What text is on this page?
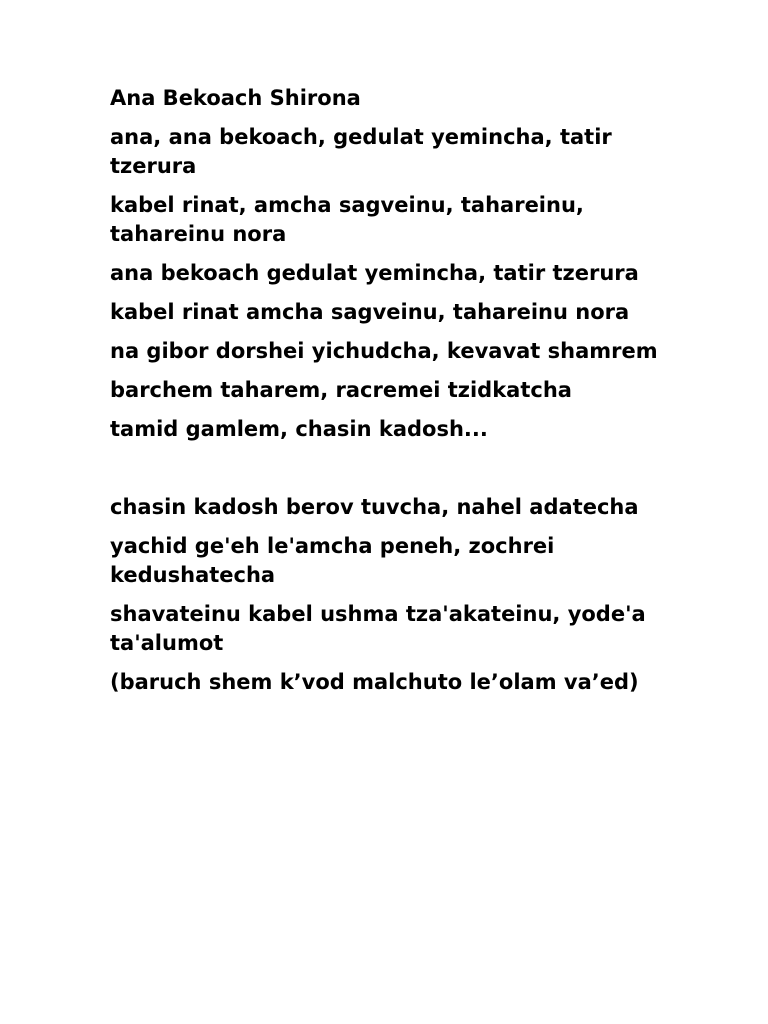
Ana Bekoach Shirona

ana, ana bekoach, gedulat yemincha, tatir tzerura

kabel rinat, amcha sagveinu, tahareinu, tahareinu nora

ana bekoach gedulat yemincha, tatir tzerura

kabel rinat amcha sagveinu, tahareinu nora

na gibor dorshei yichudcha, kevavat shamrem

barchem taharem, racremei tzidkatcha

tamid gamlem, chasin kadosh...

chasin kadosh berov tuvcha, nahel adatecha

yachid ge'eh le'amcha peneh, zochrei kedushatecha

shavateinu kabel ushma tza'akateinu, yode'a ta'alumot

(baruch shem k’vod malchuto le’olam va’ed)
